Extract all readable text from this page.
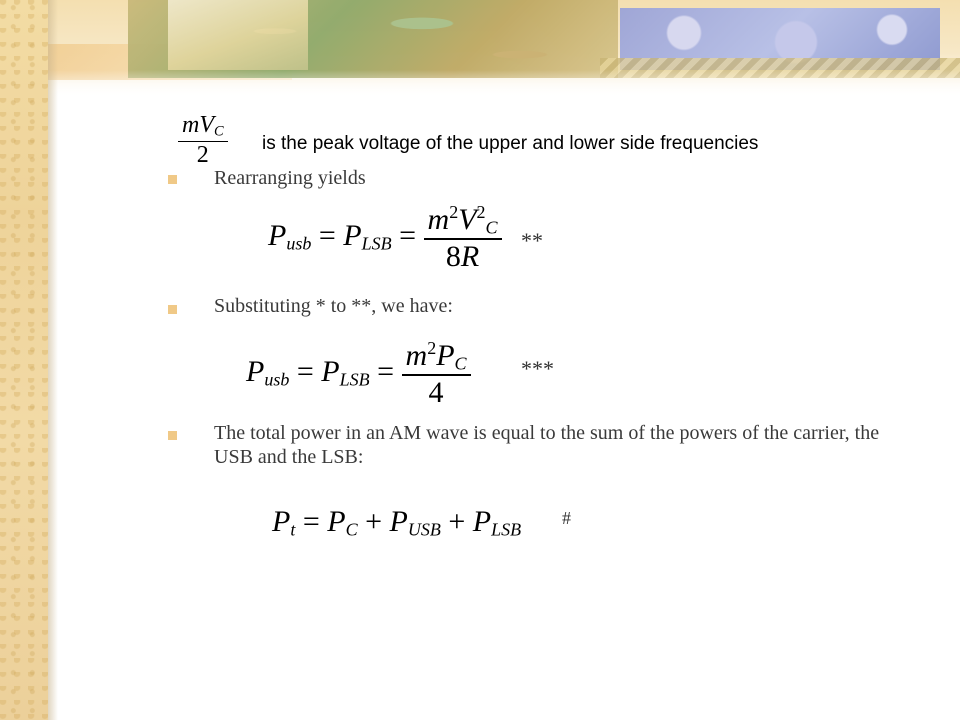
$\frac{mV_C}{2}$ is the peak voltage of the upper and lower side frequencies
Rearranging yields
$P_{usb} = P_{LSB} = \frac{m^2V^2_C}{8R}$ **
Substituting * to **, we have:
$P_{usb} = P_{LSB} = \frac{m^2P_C}{4}$ ***
The total power in an AM wave is equal to the sum of the powers of the carrier, the USB and the LSB:
$P_t = P_C + P_{USB} + P_{LSB}$
#
